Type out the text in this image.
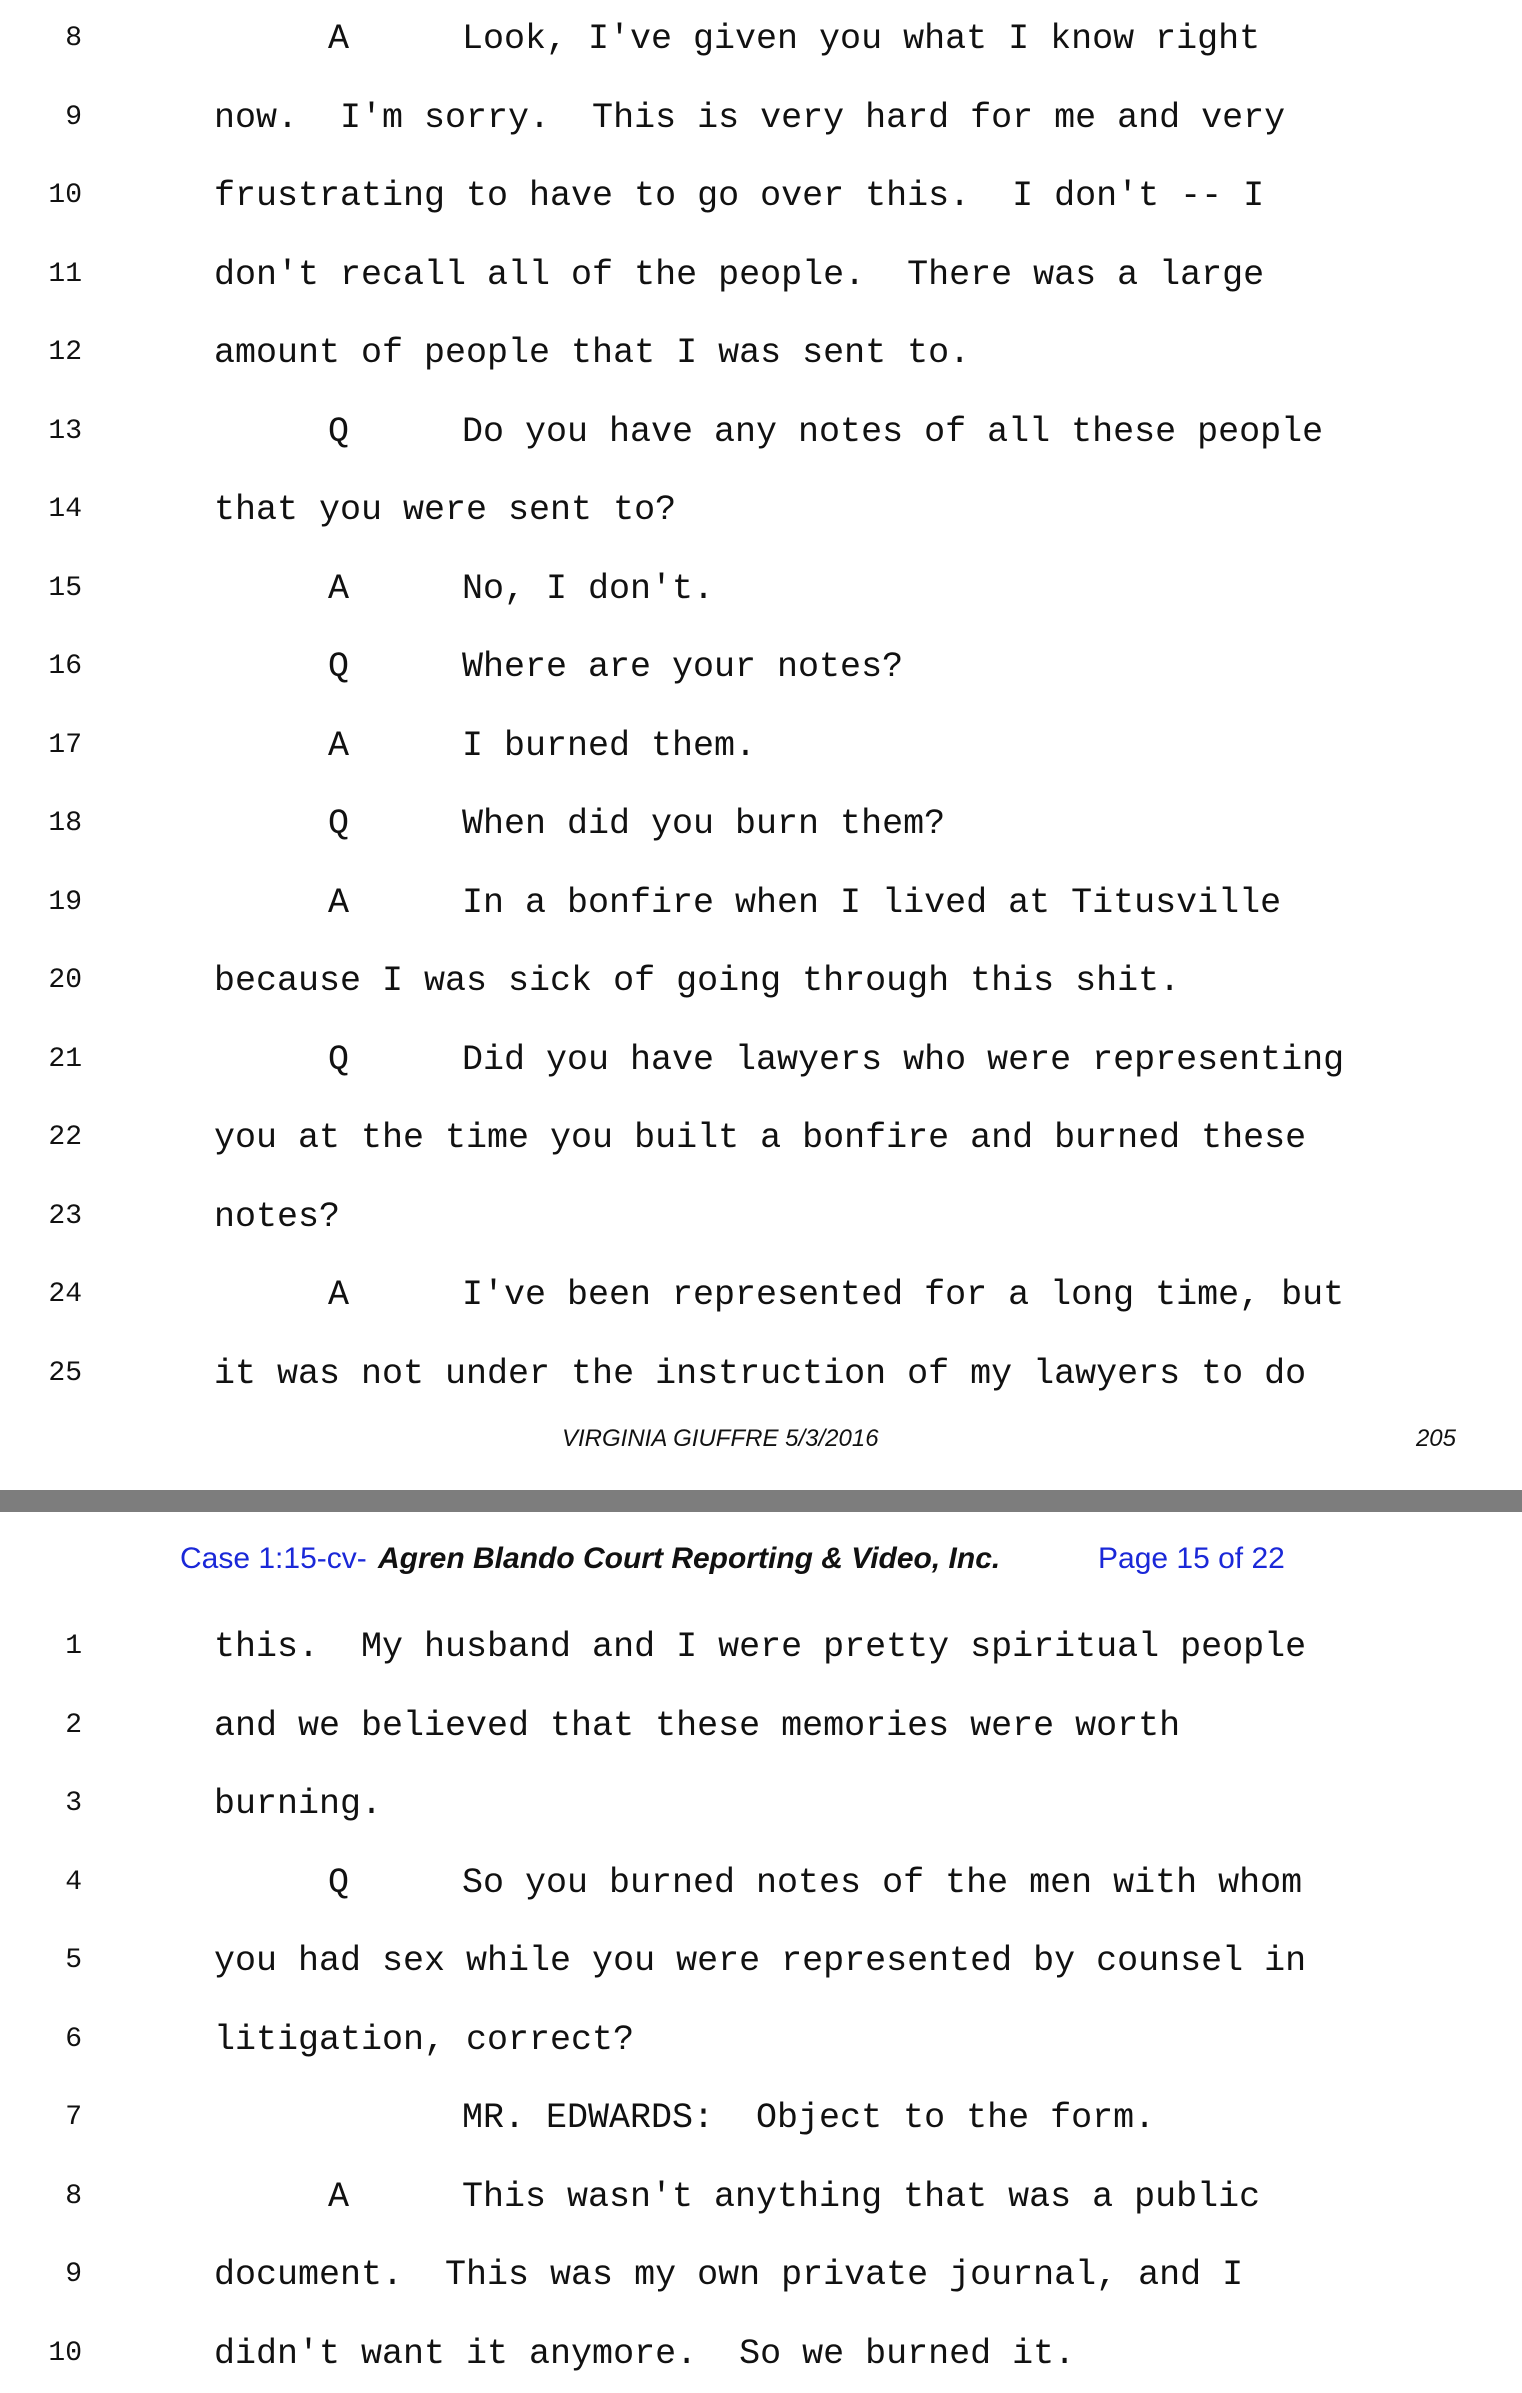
8	A	Look, I've given you what I know right
9	now.  I'm sorry.  This is very hard for me and very
10	frustrating to have to go over this.  I don't -- I
11	don't recall all of the people.  There was a large
12	amount of people that I was sent to.
13	Q	Do you have any notes of all these people
14	that you were sent to?
15	A	No, I don't.
16	Q	Where are your notes?
17	A	I burned them.
18	Q	When did you burn them?
19	A	In a bonfire when I lived at Titusville
20	because I was sick of going through this shit.
21	Q	Did you have lawyers who were representing
22	you at the time you built a bonfire and burned these
23	notes?
24	A	I've been represented for a long time, but
25	it was not under the instruction of my lawyers to do
VIRGINIA GIUFFRE 5/3/2016	205
1	this.  My husband and I were pretty spiritual people
2	and we believed that these memories were worth
3	burning.
4	Q	So you burned notes of the men with whom
5	you had sex while you were represented by counsel in
6	litigation, correct?
7	MR. EDWARDS:  Object to the form.
8	A	This wasn't anything that was a public
9	document.  This was my own private journal, and I
10	didn't want it anymore.  So we burned it.
Case 1:15-cv- Agren Blando Court Reporting & Video, Inc.	Page 15 of 22
